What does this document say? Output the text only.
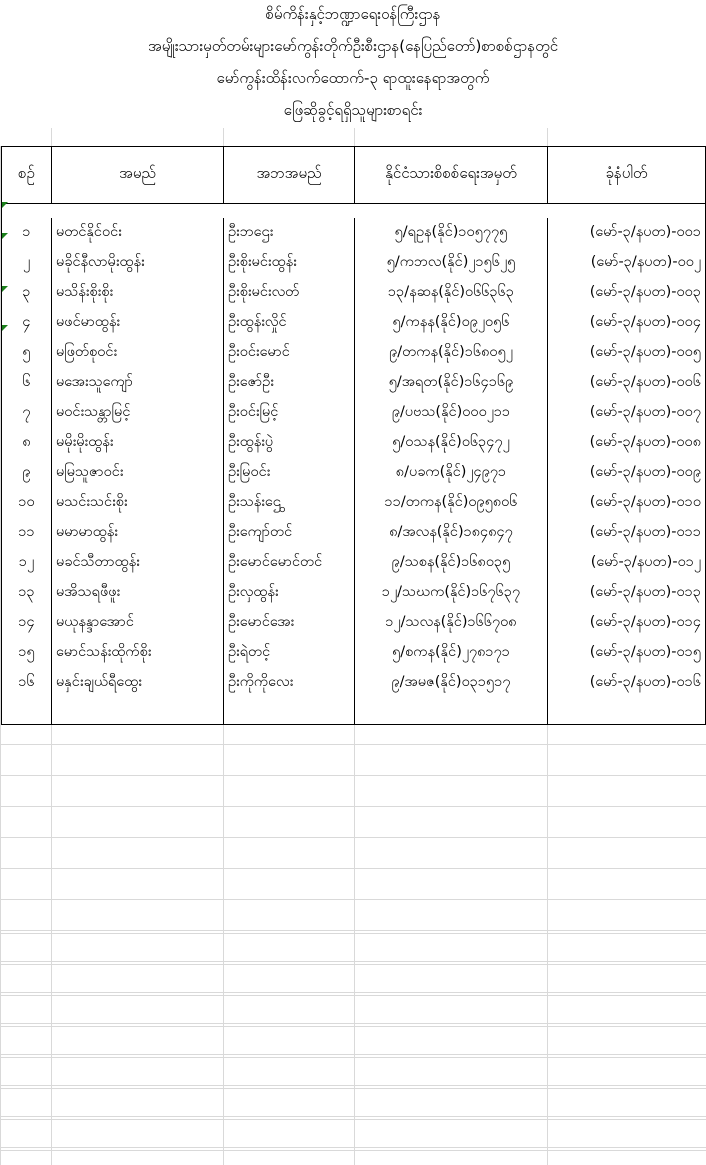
စိမ်ကိန်းနှင့်ဘဏ္ဍာရေးဝန်ကြီးဌာန
အမျိုးသားမှတ်တမ်းများမော်ကွန်းတိုက်ဦးစီးဌာန(နေပြည်တော်)စာစစ်ဌာနတွင်
မော်ကွန်းထိန်းလက်ထောက်-၃ ရာထူးနေရာအတွက်
ဖြေဆိုခွင့်ရရှိသူများစာရင်း
စဉ်	အမည်	အဘအမည်	နိုင်ငံသားစိစစ်ရေးအမှတ်	ခုံနံပါတ်

၁	မတင်နိုင်ဝင်း	ဦးဘဌေး	၅/ရဥန(နိုင်)၁၀၅၇၇၅	(မော်-၃/နပတ)-၀၀၁
၂	မခိုင်နီလာမိုးထွန်း	ဦးစိုးမင်းထွန်း	၅/ကဘလ(နိုင်)၂၁၅၆၂၅	(မော်-၃/နပတ)-၀၀၂
၃	မသိန်းစိုးစိုး	ဦးစိုးမင်းလတ်	၁၃/နဆန(နိုင်)၀၆၆၃၆၃	(မော်-၃/နပတ)-၀၀၃
၄	မဖင်မာထွန်း	ဦးထွန်းလှိုင်	၅/ကနန(နိုင်)၀၉၂၀၅၆	(မော်-၃/နပတ)-၀၀၄
၅	မဖြတ်စုဝင်း	ဦးဝင်းမောင်	၉/တကန(နိုင်)၁၆၈၀၅၂	(မော်-၃/နပတ)-၀၀၅
၆	မအေးသူကျော်	ဦးဇော်ဦး	၅/အရတ(နိုင်)၁၆၄၁၆၉	(မော်-၃/နပတ)-၀၀၆
၇	မဝင်းသန္တာမြင့်	ဦးဝင်းမြင့်	၉/ပဗသ(နိုင်)၀၀၀၂၁၁	(မော်-၃/နပတ)-၀၀၇
၈	မမိုးမိုးထွန်း	ဦးထွန်းပွဲ	၅/ဝသန(နိုင်)၀၆၃၄၇၂	(မော်-၃/နပတ)-၀၀၈
၉	မမြသူဇာဝင်း	ဦးမြဝင်း	၈/ပခက(နိုင်)၂၄၉၇၁	(မော်-၃/နပတ)-၀၀၉
၁၀	မသင်းသင်းစိုး	ဦးသန်းဌွေ	၁၁/တကန(နိုင်)၀၉၅၈၀၆	(မော်-၃/နပတ)-၀၁၀
၁၁	မမာမာထွန်း	ဦးကျော်တင်	၈/အလန(နိုင်)၁၈၄၈၄၇	(မော်-၃/နပတ)-၀၁၁
၁၂	မခင်သီတာထွန်း	ဦးမောင်မောင်တင်	၉/သစန(နိုင်)၁၆၈၀၃၅	(မော်-၃/နပတ)-၀၁၂
၁၃	မအိသရဖီဖူး	ဦးလှထွန်း	၁၂/သဃက(နိုင်)၁၆၇၆၃၇	(မော်-၃/နပတ)-၀၁၃
၁၄	မယုနန္ဒာအောင်	ဦးမောင်အေး	၁၂/သလန(နိုင်)၁၆၆၇၀၈	(မော်-၃/နပတ)-၀၁၄
၁၅	မောင်သန်းထိုက်စိုး	ဦးရဲတင့်	၅/စကန(နိုင်)၂၇၈၁၇၁	(မော်-၃/နပတ)-၀၁၅
၁၆	မနှင်းချယ်ရီထွေး	ဦးကိုကိုလေး	၉/အမဇ(နိုင်)၀၃၁၅၁၇	(မော်-၃/နပတ)-၀၁၆
